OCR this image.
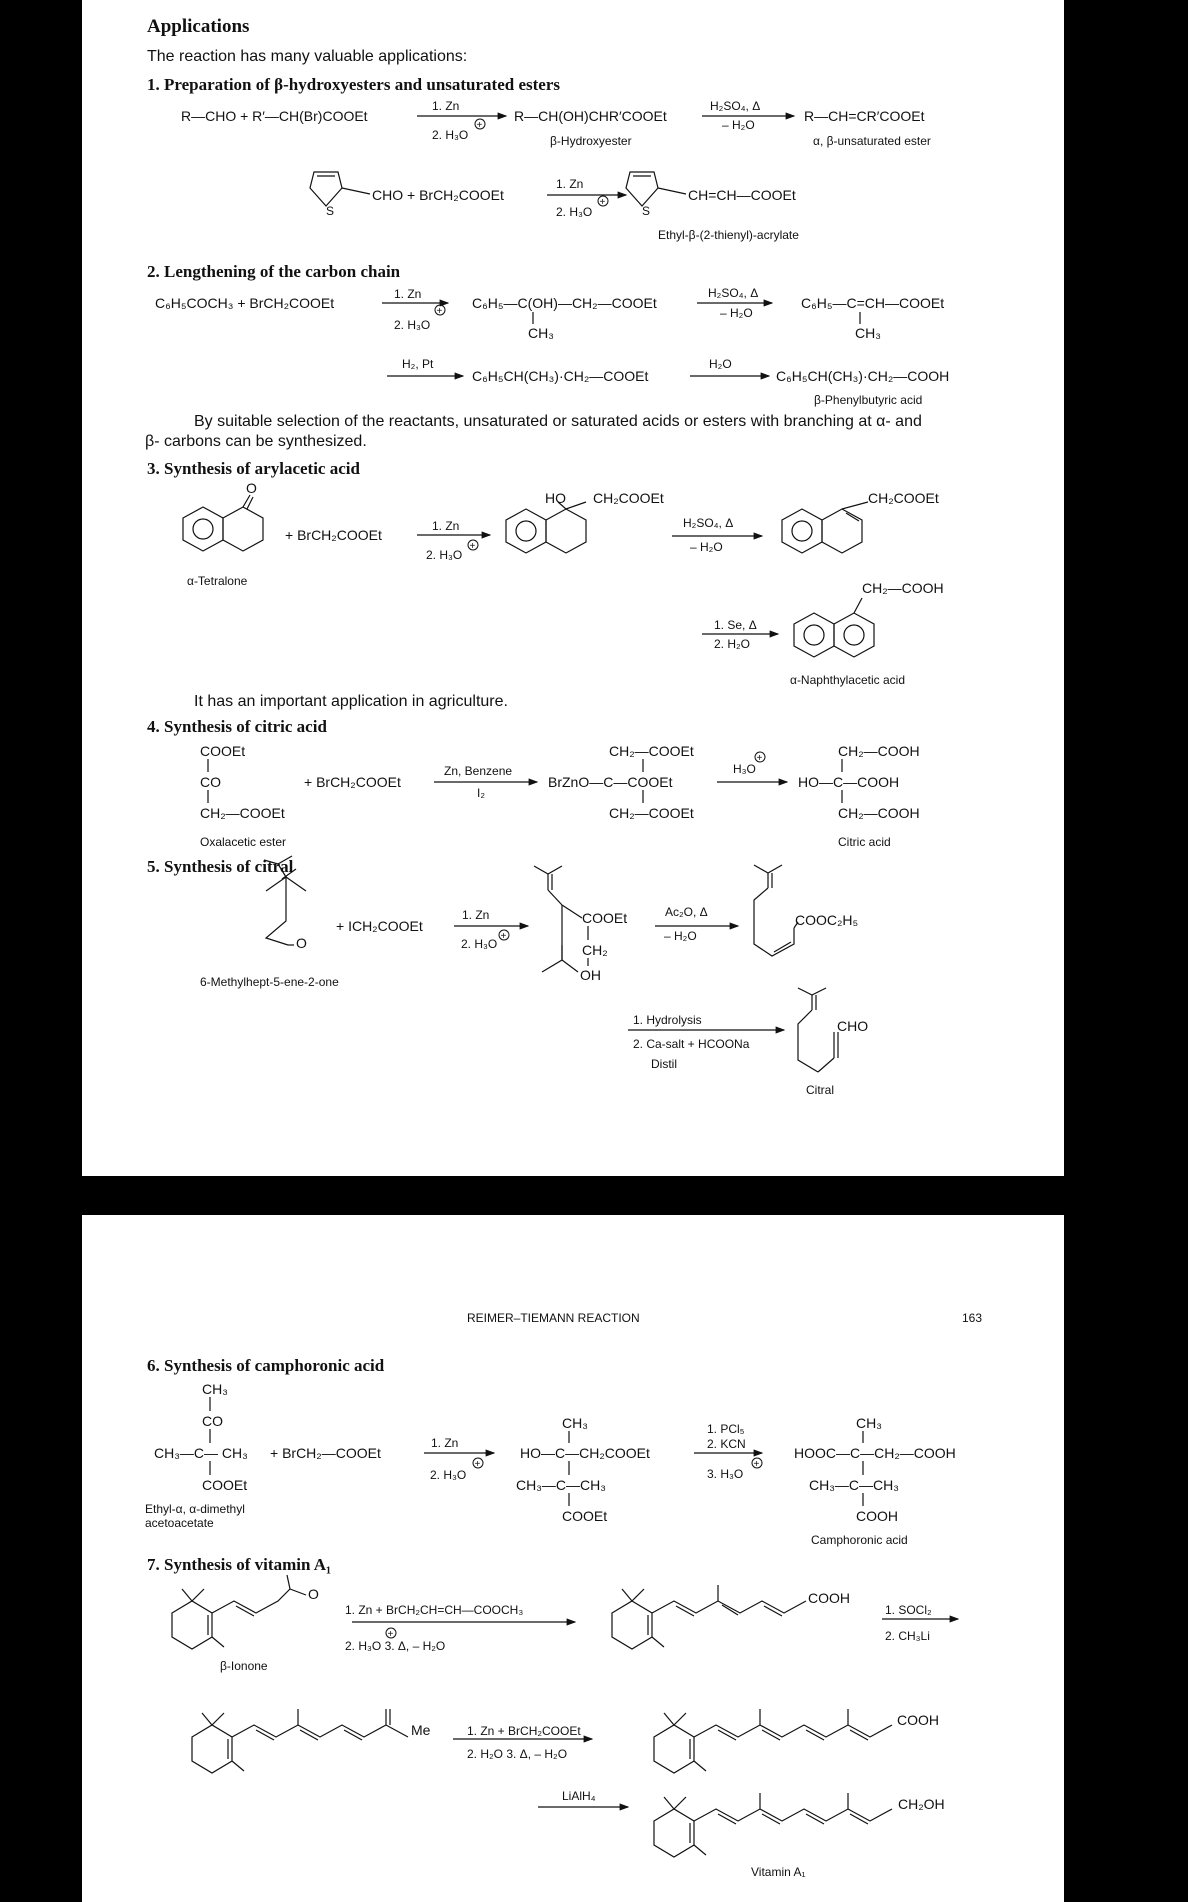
Applications
The reaction has many valuable applications:
1. Preparation of β-hydroxyesters and unsaturated esters
R—CHO + R′—CH(Br)COOEt
1. Zn
2. H₃O
R—CH(OH)CHR′COOEt
β-Hydroxyester
H₂SO₄, Δ
– H₂O
R—CH=CR′COOEt
α, β-unsaturated ester
S
CHO + BrCH₂COOEt
1. Zn
2. H₃O	S
CH=CH—COOEt
Ethyl-β-(2-thienyl)-acrylate
2. Lengthening of the carbon chain
C₆H₅COCH₃ + BrCH₂COOEt
1. Zn
2. H₃O
C₆H₅—C(OH)—CH₂—COOEt
CH₃
H₂SO₄, Δ
– H₂O
C₆H₅—C=CH—COOEt
CH₃
H₂, Pt
C₆H₅CH(CH₃)·CH₂—COOEt
H₂O
C₆H₅CH(CH₃)·CH₂—COOH
β-Phenylbutyric acid
By suitable selection of the reactants, unsaturated or saturated acids or esters with branching at α- and
β- carbons can be synthesized.
3. Synthesis of arylacetic acid
O
+ BrCH₂COOEt
α-Tetralone
1. Zn
2. H₃O
HO CH₂COOEt
H₂SO₄, Δ
– H₂O
CH₂COOEt
CH₂—COOH
1. Se, Δ
2. H₂O
α-Naphthylacetic acid
It has an important application in agriculture.
4. Synthesis of citric acid
COOEt
CO
CH₂—COOEt
Oxalacetic ester
+ BrCH₂COOEt
Zn, Benzene
I₂
CH₂—COOEt
BrZnO—C—COOEt
CH₂—COOEt
H₃O
CH₂—COOH
HO—C—COOH
CH₂—COOH
Citric acid
5. Synthesis of citral
O
6-Methylhept-5-ene-2-one
+ ICH₂COOEt
1. Zn
2. H₃O
COOEt
CH₂
OH
Ac₂O, Δ
– H₂O
COOC₂H₅
1. Hydrolysis
2. Ca-salt + HCOONa
Distil
CHO
Citral
+
+
+
+
+
+
REIMER–TIEMANN REACTION	163
6. Synthesis of camphoronic acid
CH₃
CO
CH₃—C— CH₃
COOEt
Ethyl-α, α-dimethyl
acetoacetate
+ BrCH₂—COOEt
1. Zn
2. H₃O
CH₃
HO—C—CH₂COOEt
CH₃—C—CH₃
COOEt
1. PCl₅
2. KCN
3. H₃O
CH₃
HOOC—C—CH₂—COOH
CH₃—C—CH₃
COOH
Camphoronic acid
7. Synthesis of vitamin A₁
O
β-Ionone
1. Zn + BrCH₂CH=CH—COOCH₃
2. H₃O 3. Δ, – H₂O
COOH
1. SOCl₂
2. CH₃Li
Me	1. Zn + BrCH₂COOEt
2. H₂O 3. Δ, – H₂O
COOH
LiAlH₄	CH₂OH
Vitamin A₁
+	+
+
